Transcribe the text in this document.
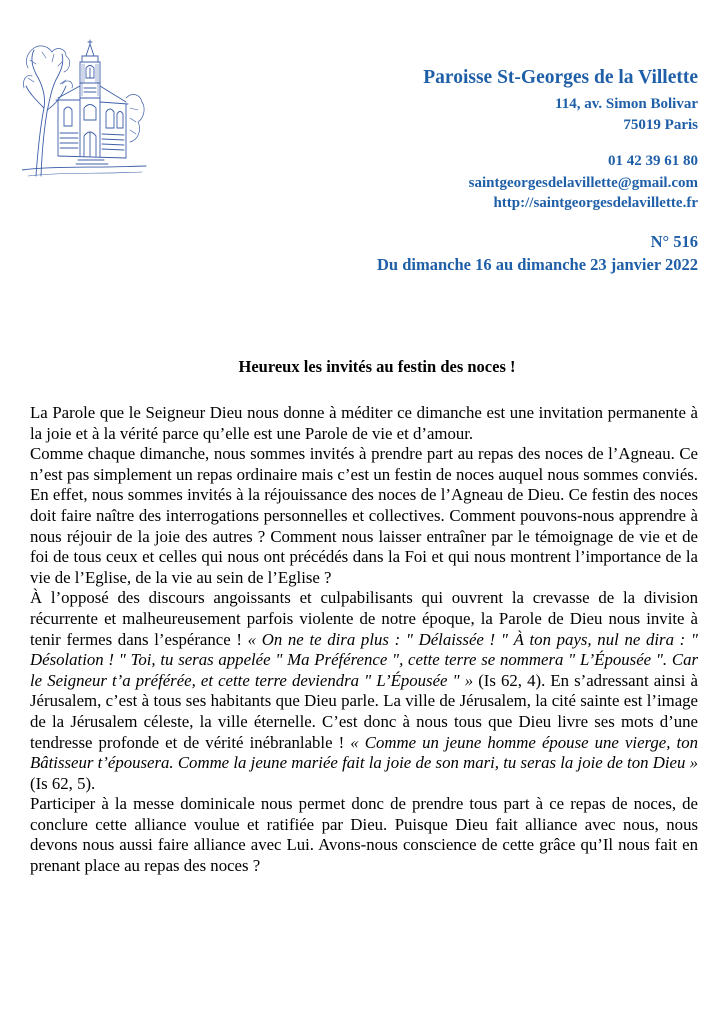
Paroisse St-Georges de la Villette
114, av. Simon Bolivar
75019 Paris
01 42 39 61 80
saintgeorgesdelavillette@gmail.com
http://saintgeorgesdelavillette.fr
N° 516
Du dimanche 16 au dimanche 23 janvier 2022
Heureux les invités au festin des noces !

La Parole que le Seigneur Dieu nous donne à méditer ce dimanche est une invitation permanente à la joie et à la vérité parce qu’elle est une Parole de vie et d’amour.

Comme chaque dimanche, nous sommes invités à prendre part au repas des noces de l’Agneau. Ce n’est pas simplement un repas ordinaire mais c’est un festin de noces auquel nous sommes conviés. En effet, nous sommes invités à la réjouissance des noces de l’Agneau de Dieu. Ce festin des noces doit faire naître des interrogations personnelles et collectives. Comment pouvons-nous apprendre à nous réjouir de la joie des autres ? Comment nous laisser entraîner par le témoignage de vie et de foi de tous ceux et celles qui nous ont précédés dans la Foi et qui nous montrent l’importance de la vie de l’Eglise, de la vie au sein de l’Eglise ?

À l’opposé des discours angoissants et culpabilisants qui ouvrent la crevasse de la division récurrente et malheureusement parfois violente de notre époque, la Parole de Dieu nous invite à tenir fermes dans l’espérance ! « On ne te dira plus : " Délaissée ! " À ton pays, nul ne dira : " Désolation ! " Toi, tu seras appelée " Ma Préférence ", cette terre se nommera " L’Épousée ". Car le Seigneur t’a préférée, et cette terre deviendra " L’Épousée " » (Is 62, 4). En s’adressant ainsi à Jérusalem, c’est à tous ses habitants que Dieu parle. La ville de Jérusalem, la cité sainte est l’image de la Jérusalem céleste, la ville éternelle. C’est donc à nous tous que Dieu livre ses mots d’une tendresse profonde et de vérité inébranlable ! « Comme un jeune homme épouse une vierge, ton Bâtisseur t’épousera. Comme la jeune mariée fait la joie de son mari, tu seras la joie de ton Dieu » (Is 62, 5).

Participer à la messe dominicale nous permet donc de prendre tous part à ce repas de noces, de conclure cette alliance voulue et ratifiée par Dieu. Puisque Dieu fait alliance avec nous, nous devons nous aussi faire alliance avec Lui. Avons-nous conscience de cette grâce qu’Il nous fait en prenant place au repas des noces ?
